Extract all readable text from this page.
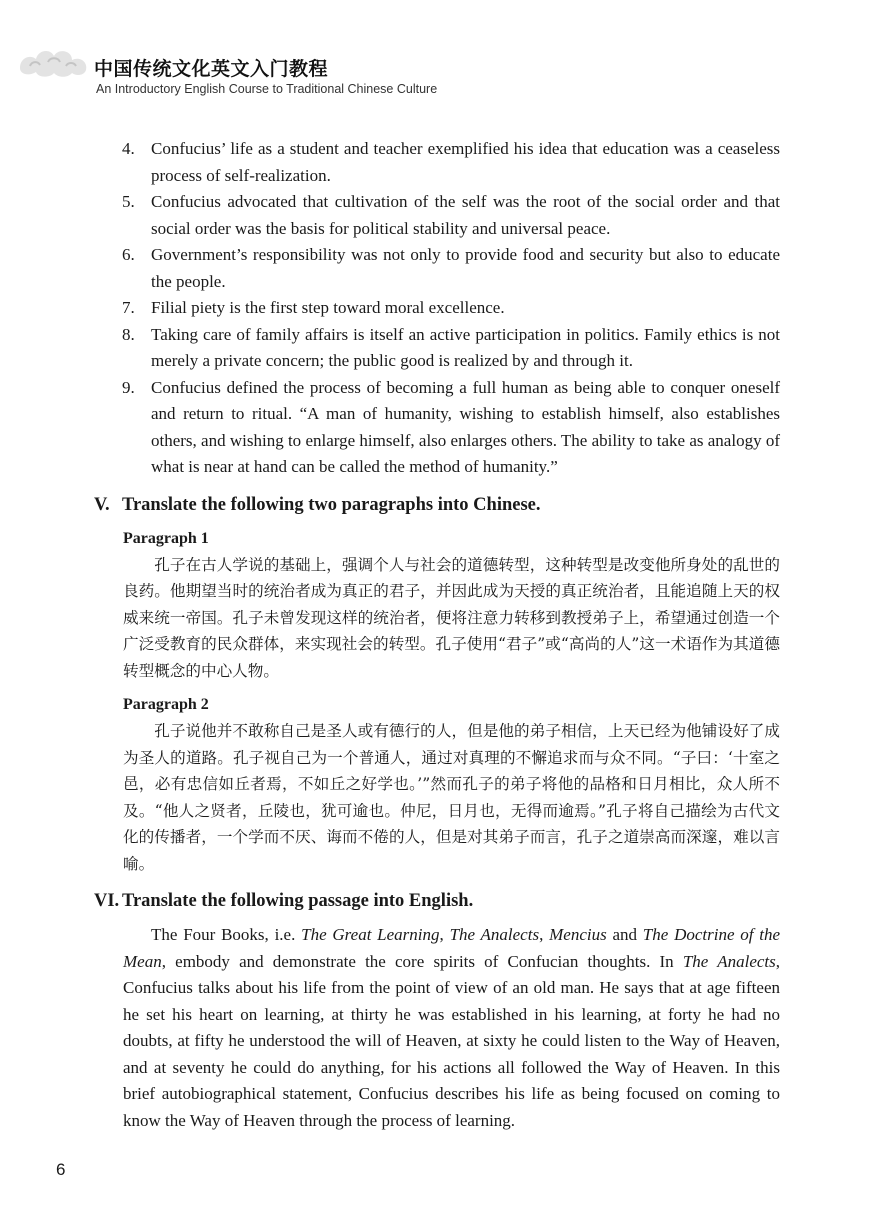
中国传统文化英文入门教程
An Introductory English Course to Traditional Chinese Culture
4. Confucius’ life as a student and teacher exemplified his idea that education was a ceaseless process of self-realization.
5. Confucius advocated that cultivation of the self was the root of the social order and that social order was the basis for political stability and universal peace.
6. Government’s responsibility was not only to provide food and security but also to educate the people.
7. Filial piety is the first step toward moral excellence.
8. Taking care of family affairs is itself an active participation in politics. Family ethics is not merely a private concern; the public good is realized by and through it.
9. Confucius defined the process of becoming a full human as being able to conquer oneself and return to ritual. “A man of humanity, wishing to establish himself, also establishes others, and wishing to enlarge himself, also enlarges others. The ability to take as analogy of what is near at hand can be called the method of humanity.”
V. Translate the following two paragraphs into Chinese.
Paragraph 1
孔子在古人学说的基础上，强调个人与社会的道德转型，这种转型是改变他所身处的乱世的良药。他期望当时的统治者成为真正的君子，并因此成为天授的真正统治者，且能追随上天的权威来统一帝国。孔子未曾发现这样的统治者，便将注意力转移到教授弟子上，希望通过创造一个广泛受教育的民众群体，来实现社会的转型。孔子使用“君子”或“高尚的人”这一术语作为其道德转型概念的中心人物。
Paragraph 2
孔子说他并不敢称自己是圣人或有德行的人，但是他的弟子相信，上天已经为他铺设好了成为圣人的道路。孔子视自己为一个普通人，通过对真理的不懈追求而与众不同。“子曰：‘十室之邑，必有忠信如丘者焉，不如丘之好学也。’”然而孔子的弟子将他的品格和日月相比，众人所不及。“他人之贤者，丘陵也，犹可逾也。仲尼，日月也，无得而逾焉。”孔子将自己描绘为古代文化的传播者，一个学而不厌、诲而不倦的人，但是对其弟子而言，孔子之道崇高而深邃，难以言喻。
VI. Translate the following passage into English.
The Four Books, i.e. The Great Learning, The Analects, Mencius and The Doctrine of the Mean, embody and demonstrate the core spirits of Confucian thoughts. In The Analects, Confucius talks about his life from the point of view of an old man. He says that at age fifteen he set his heart on learning, at thirty he was established in his learning, at forty he had no doubts, at fifty he understood the will of Heaven, at sixty he could listen to the Way of Heaven, and at seventy he could do anything, for his actions all followed the Way of Heaven. In this brief autobiographical statement, Confucius describes his life as being focused on coming to know the Way of Heaven through the process of learning.
6
